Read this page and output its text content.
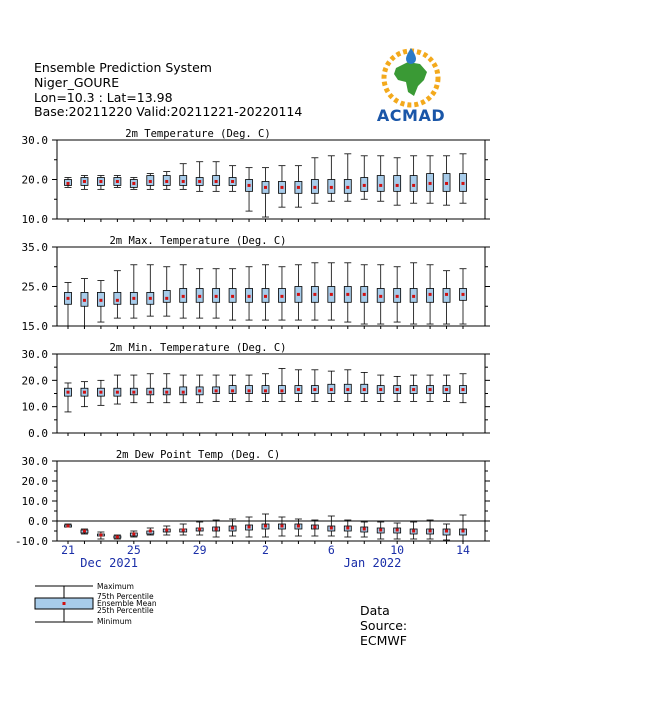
Ensemble Prediction System
Niger_GOURE
Lon=10.3 : Lat=13.98
Base:20211220 Valid:20211221-20220114	ACMAD
10.0
20.0
30.0	2m Temperature (Deg. C)
15.0
25.0
35.0	2m Max. Temperature (Deg. C)
0.0
10.0
20.0
30.0	2m Min. Temperature (Deg. C)
-10.0
0.0
10.0
20.0
30.0	2m Dew Point Temp (Deg. C)
21	25	29	2	6	10	14
Dec 2021	Jan 2022
Maximum
75th Percentile
Ensemble Mean
25th Percentile
Minimum
Data Source: ECMWF
